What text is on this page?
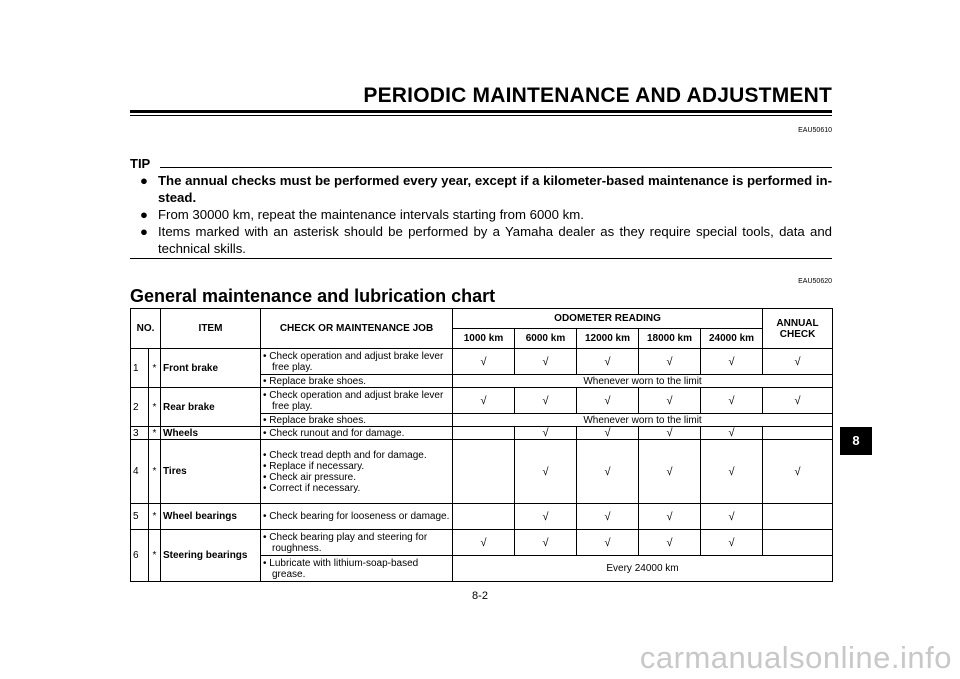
PERIODIC MAINTENANCE AND ADJUSTMENT
EAU50610
TIP
● The annual checks must be performed every year, except if a kilometer-based maintenance is performed in-stead.
● From 30000 km, repeat the maintenance intervals starting from 6000 km.
● Items marked with an asterisk should be performed by a Yamaha dealer as they require special tools, data and technical skills.
EAU50620
General maintenance and lubrication chart
NO.		ITEM	CHECK OR MAINTENANCE JOB	ODOMETER READING					ANNUAL CHECK
				1000 km	6000 km	12000 km	18000 km	24000 km	
1	*	Front brake	• Check operation and adjust brake lever free play.	√	√	√	√	√	√

			• Replace brake shoes.	Whenever worn to the limit					
2	*	Rear brake	• Check operation and adjust brake lever free play.	√	√	√	√	√	√

			• Replace brake shoes.	Whenever worn to the limit					
3	*	Wheels	• Check runout and for damage.		√	√	√	√	
4	*	Tires	• Check tread depth and for damage.
• Replace if necessary.
• Check air pressure.
• Correct if necessary.		√	√	√	√	√
5	*	Wheel bearings	• Check bearing for looseness or damage.		√	√	√	√	
6	*	Steering bearings	• Check bearing play and steering for roughness.	√	√	√	√	√	

			• Lubricate with lithium-soap-based grease.	Every 24000 km					
8-2
8
carmanualsonline.info
